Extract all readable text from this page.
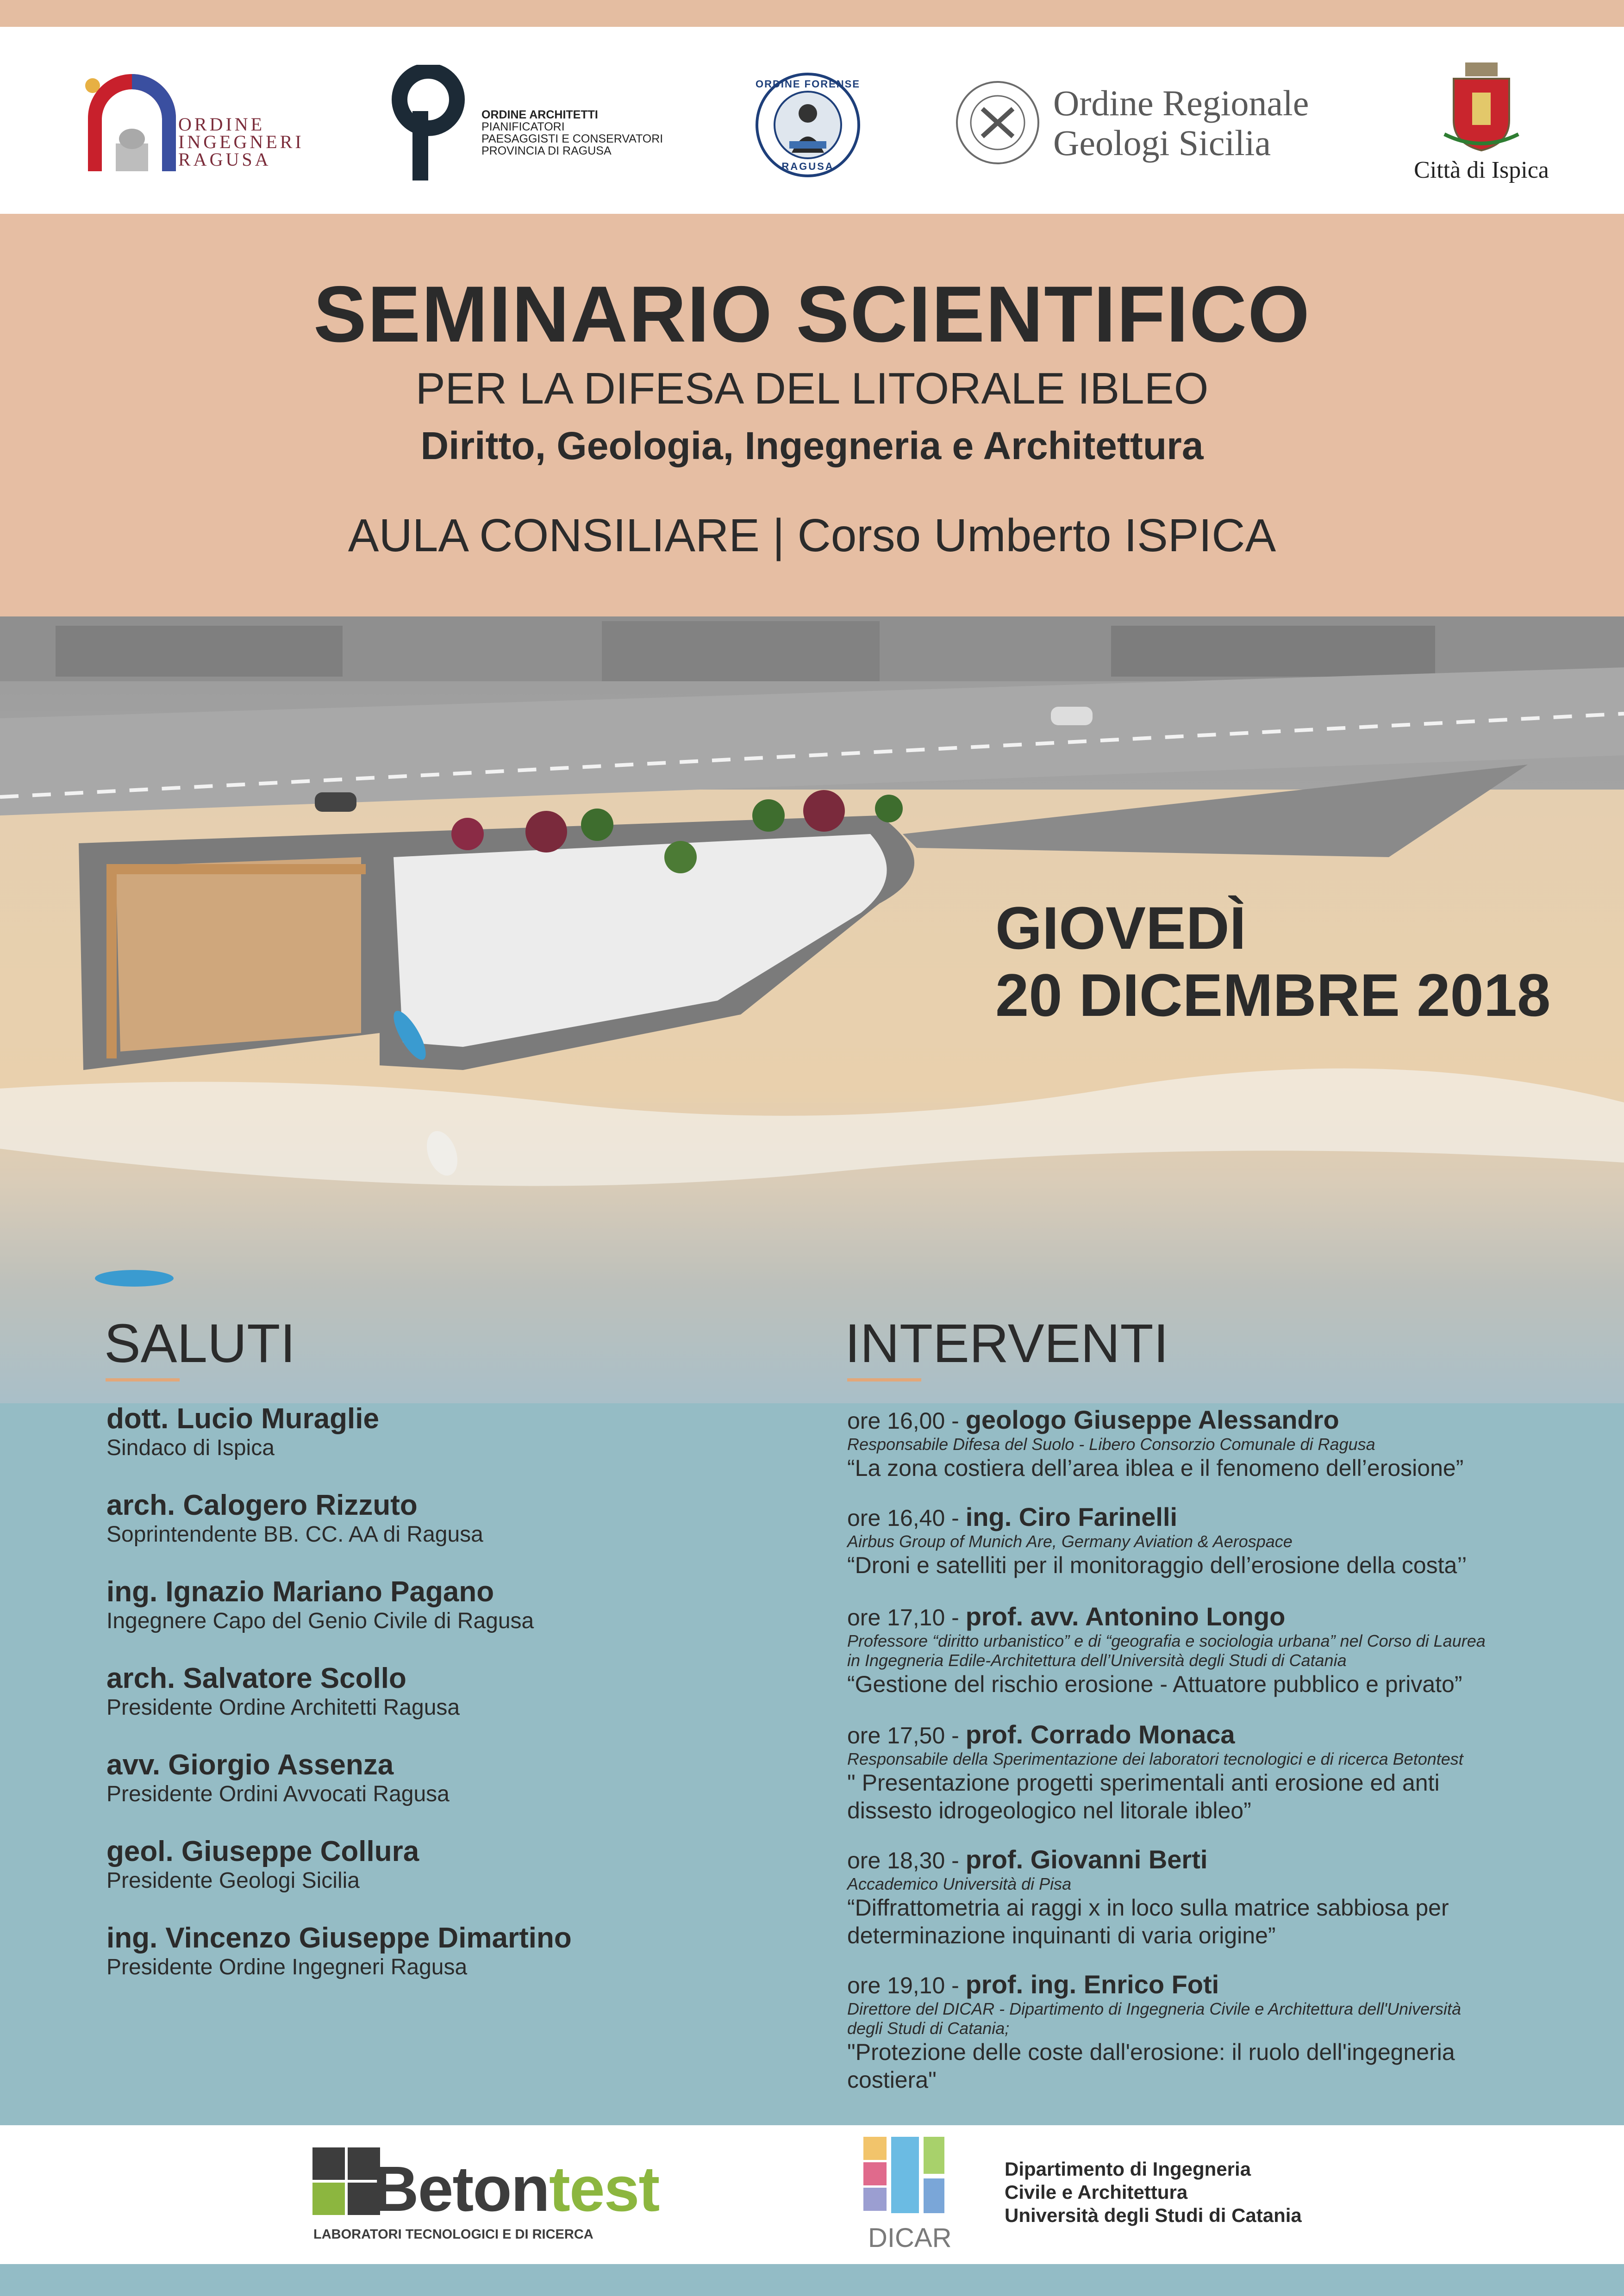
ORDINE
INGEGNERI
RAGUSA
ORDINE ARCHITETTI
PIANIFICATORI
PAESAGGISTI E CONSERVATORI
PROVINCIA DI RAGUSA
ORDINE FORENSE
RAGUSA
Ordine Regionale
Geologi Sicilia
Città di Ispica
SEMINARIO SCIENTIFICO
PER LA DIFESA DEL LITORALE IBLEO
Diritto, Geologia, Ingegneria e Architettura
AULA CONSILIARE | Corso Umberto ISPICA
GIOVEDÌ
20 DICEMBRE 2018
SALUTI
dott. Lucio Muraglie
Sindaco di Ispica
arch. Calogero Rizzuto
Soprintendente BB. CC. AA di Ragusa
ing. Ignazio Mariano Pagano
Ingegnere Capo del Genio Civile di Ragusa
arch. Salvatore Scollo
Presidente Ordine Architetti Ragusa
avv. Giorgio Assenza
Presidente Ordini Avvocati Ragusa
geol. Giuseppe Collura
Presidente Geologi Sicilia
ing. Vincenzo Giuseppe Dimartino
Presidente Ordine Ingegneri Ragusa
INTERVENTI
ore 16,00 - geologo Giuseppe Alessandro
Responsabile Difesa del Suolo - Libero Consorzio Comunale di Ragusa
“La zona costiera dell’area iblea e il fenomeno dell’erosione”
ore 16,40 - ing. Ciro Farinelli
Airbus Group of Munich Are, Germany Aviation & Aerospace
“Droni e satelliti per il monitoraggio dell’erosione della costa’’
ore 17,10 - prof. avv. Antonino Longo
Professore “diritto urbanistico” e di “geografia e sociologia urbana” nel Corso di Laurea
in Ingegneria Edile-Architettura dell’Università degli Studi di Catania
“Gestione del rischio erosione - Attuatore pubblico e privato”
ore 17,50 - prof. Corrado Monaca
Responsabile della Sperimentazione dei laboratori tecnologici e di ricerca Betontest
" Presentazione progetti sperimentali anti erosione ed anti
dissesto idrogeologico nel litorale ibleo”
ore 18,30 - prof. Giovanni Berti
Accademico Università di Pisa
“Diffrattometria ai raggi x in loco sulla matrice sabbiosa per
determinazione inquinanti di varia origine”
ore 19,10 - prof. ing. Enrico Foti
Direttore del DICAR - Dipartimento di Ingegneria Civile e Architettura dell'Università
degli Studi di Catania;
"Protezione delle coste dall'erosione: il ruolo dell'ingegneria
costiera"
Betontest
LABORATORI TECNOLOGICI E DI RICERCA	DICAR
Dipartimento di Ingegneria
Civile e Architettura
Università degli Studi di Catania
